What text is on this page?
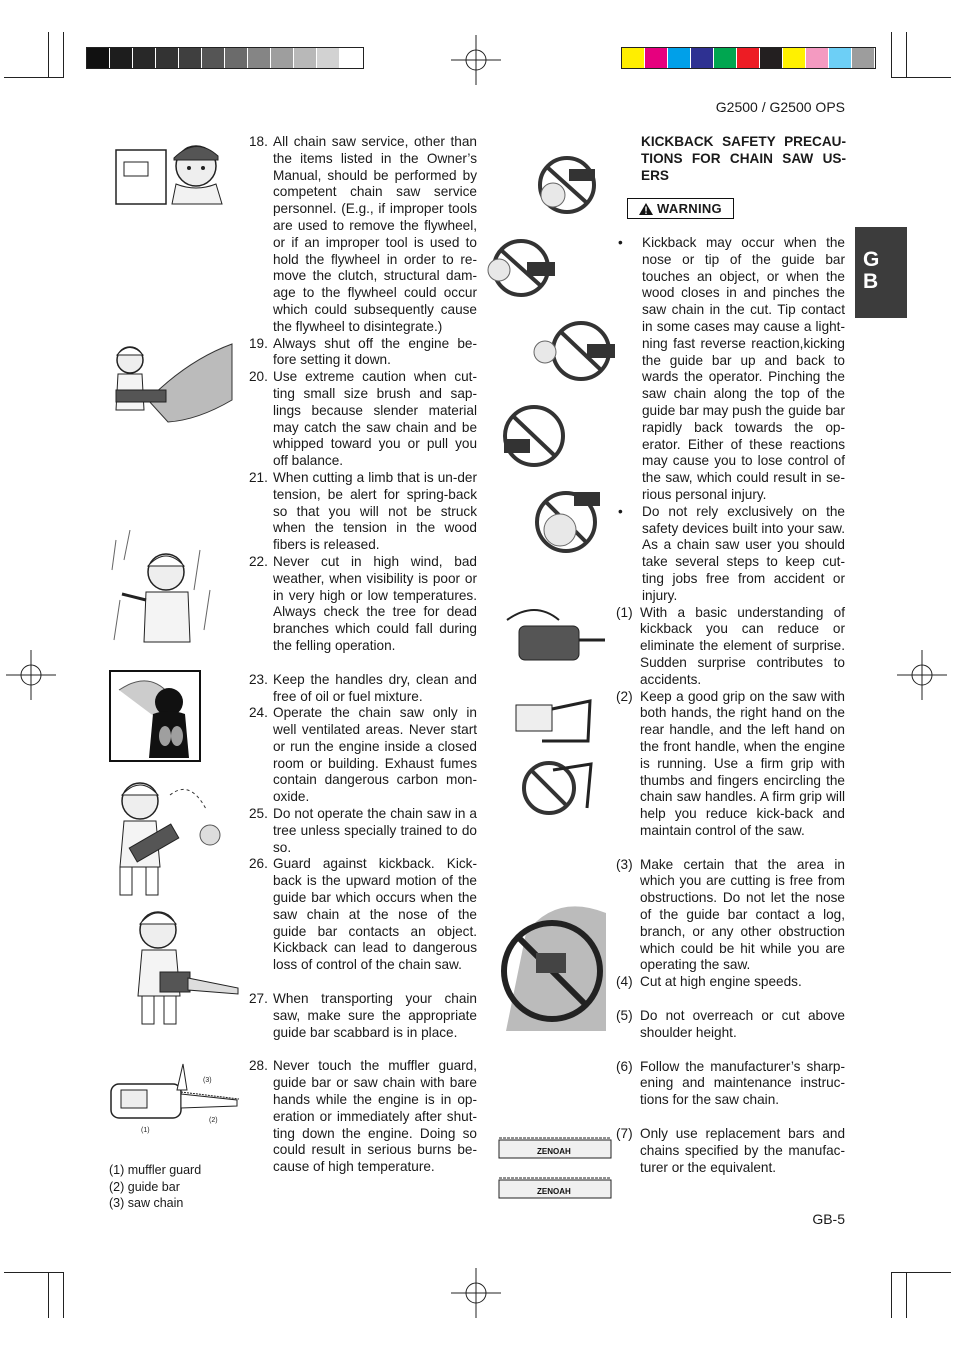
G2500 / G2500 OPS
G
B
18. All chain saw service, other than the items listed in the Owner’s Manual, should be performed by competent chain saw service personnel. (E.g., if improper tools are used to remove the flywheel, or if an improper tool is used to hold the flywheel in order to re-move the clutch, structural dam-age to the flywheel could occur which could subsequently cause the flywheel to disintegrate.)
19. Always shut off the engine be-fore setting it down.
20. Use extreme caution when cut-ting small size brush and sap-lings because slender material may catch the saw chain and be whipped toward you or pull you off balance.
21. When cutting a limb that is un-der tension, be alert for spring-back so that you will not be struck when the tension in the wood fibers is released.
22. Never cut in high wind, bad weather, when visibility is poor or in very high or low temperatures. Always check the tree for dead branches which could fall during the felling operation.
23. Keep the handles dry, clean and free of oil or fuel mixture.
24. Operate the chain saw only in well ventilated areas. Never start or run the engine inside a closed room or building. Exhaust fumes contain dangerous carbon mon-oxide.
25. Do not operate the chain saw in a tree unless specially trained to do so.
26. Guard against kickback. Kick-back is the upward motion of the guide bar which occurs when the saw chain at the nose of the guide bar contacts an object. Kickback can lead to dangerous loss of control of the chain saw.
27. When transporting your chain saw, make sure the appropriate guide bar scabbard is in place.
28. Never touch the muffler guard, guide bar or saw chain with bare hands while the engine is in op-eration or immediately after shut-ting down the engine. Doing so could result in serious burns be-cause of high temperature.
(3)
(2)
(1)
(1) muffler guard
(2) guide bar
(3) saw chain
ZENOAH
ZENOAH
KICKBACK SAFETY PRECAU-TIONS FOR CHAIN SAW US-ERS
WARNING
•	Kickback may occur when the nose or tip of the guide bar touches an object, or when the wood closes in and pinches the saw chain in the cut. Tip contact in some cases may cause a light-ning fast reverse reaction,kicking the guide bar up and back to wards the operator. Pinching the saw chain along the top of the guide bar may push the guide bar rapidly back towards the op-erator. Either of these reactions may cause you to lose control of the saw, which could result in se-rious personal injury.
•	Do not rely exclusively on the safety devices built into your saw. As a chain saw user you should take several steps to keep cut-ting jobs free from accident or injury.
(1) With a basic understanding of kickback you can reduce or eliminate the element of surprise. Sudden surprise contributes to accidents.
(2) Keep a good grip on the saw with both hands, the right hand on the rear handle, and the left hand on the front handle, when the engine is running. Use a firm grip with thumbs and fingers encircling the chain saw handles. A firm grip will help you reduce kick-back and maintain control of the saw.
(3) Make certain that the area in which you are cutting is free from obstructions. Do not let the nose of the guide bar contact a log, branch, or any other obstruction which could be hit while you are operating the saw.
(4) Cut at high engine speeds.
(5) Do not overreach or cut above shoulder height.
(6) Follow the manufacturer’s sharp-ening and maintenance instruc-tions for the saw chain.
(7) Only use replacement bars and chains specified by the manufac-turer or the equivalent.
GB-5
